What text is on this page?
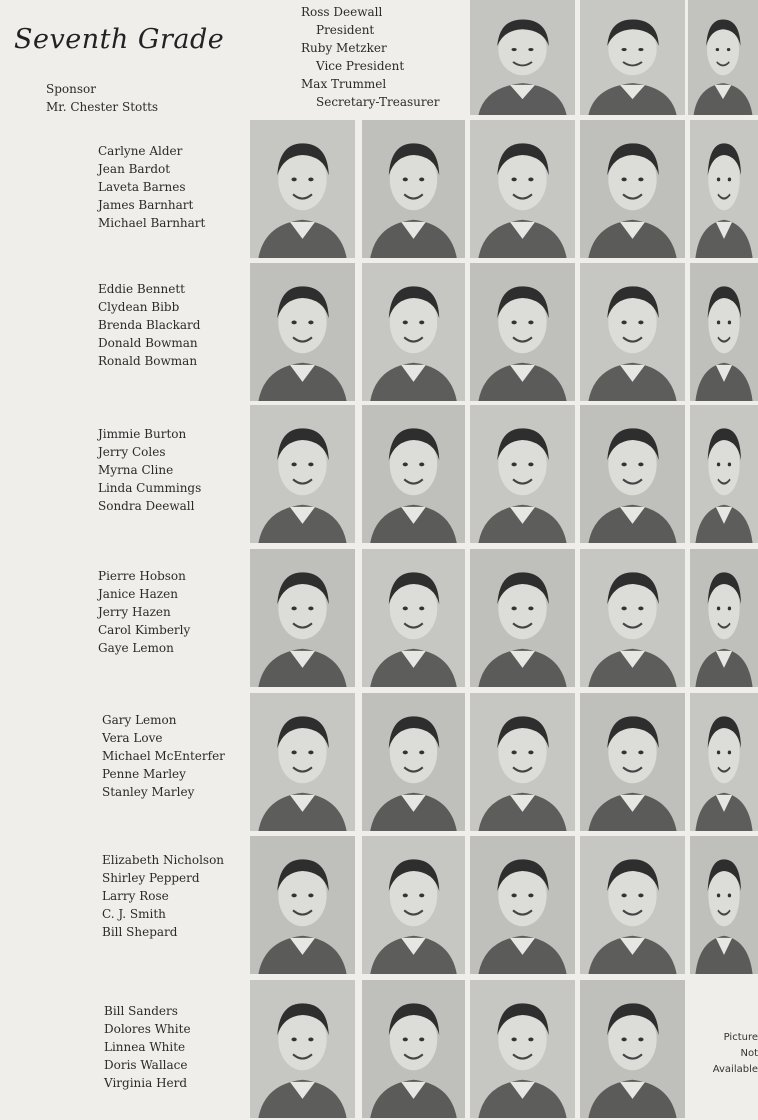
Seventh Grade
Sponsor
Mr. Chester Stotts
Ross Deewall
President
Ruby Metzker
Vice President
Max Trummel
Secretary-Treasurer
Carlyne Alder
Jean Bardot
Laveta Barnes
James Barnhart
Michael Barnhart
Eddie Bennett
Clydean Bibb
Brenda Blackard
Donald Bowman
Ronald Bowman
Jimmie Burton
Jerry Coles
Myrna Cline
Linda Cummings
Sondra Deewall
Pierre Hobson
Janice Hazen
Jerry Hazen
Carol Kimberly
Gaye Lemon
Gary Lemon
Vera Love
Michael McEnterfer
Penne Marley
Stanley Marley
Elizabeth Nicholson
Shirley Pepperd
Larry Rose
C. J. Smith
Bill Shepard
Bill Sanders
Dolores White
Linnea White
Doris Wallace
Virginia Herd
Picture
Not
Available
